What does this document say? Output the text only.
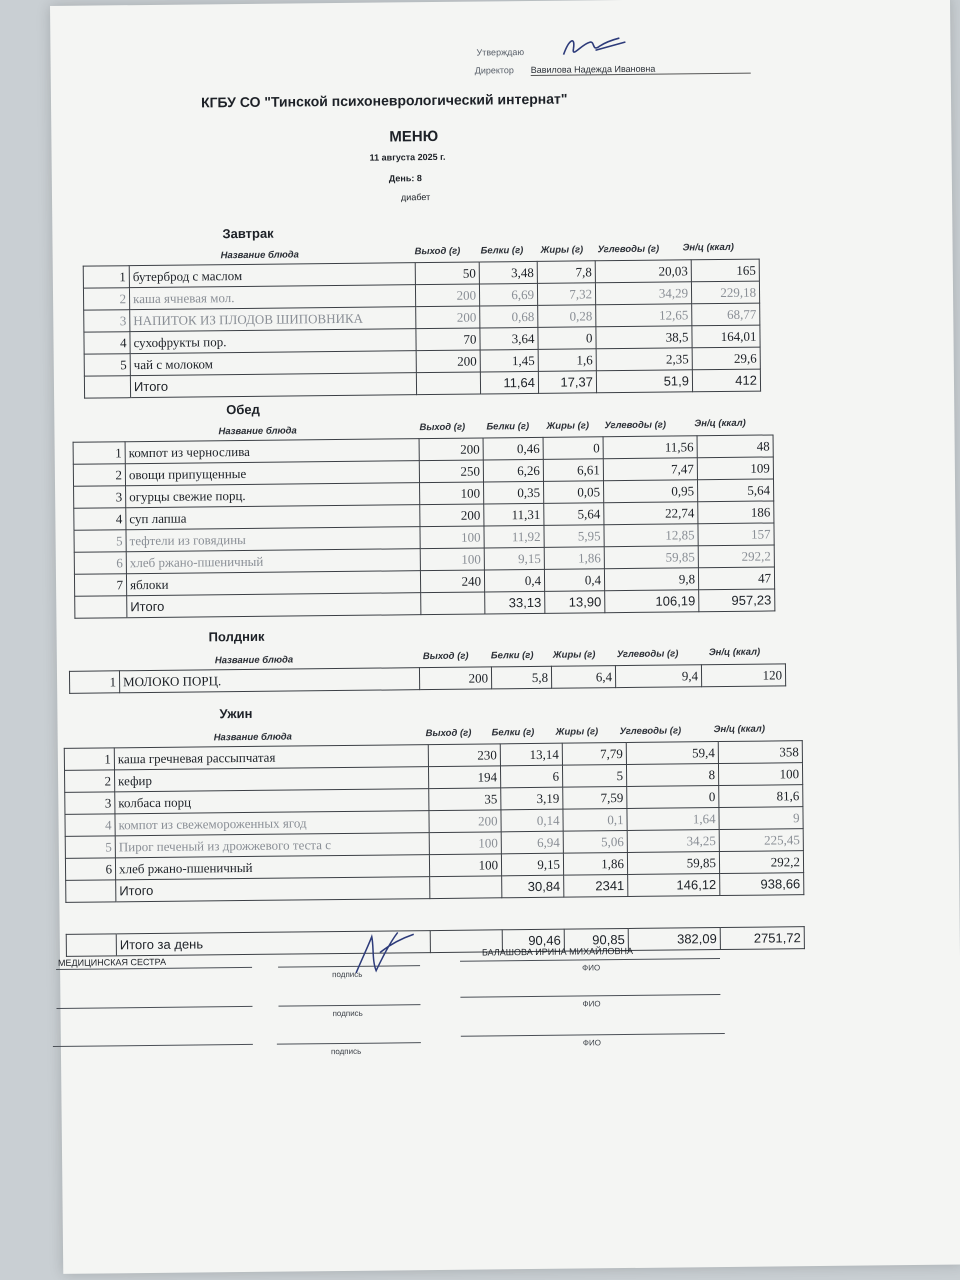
Утверждаю
Директор Вавилова Надежда Ивановна
КГБУ СО "Тинской психоневрологический интернат"
МЕНЮ
11 августа 2025 г.
День: 8
диабет
Завтрак
Название блюда	Выход (г) Белки (г) Жиры (г) Углеводы (г) Эн/ц (ккал)
1	бутерброд с маслом	50	3,48	7,8	20,03	165
2	каша ячневая мол.	200	6,69	7,32	34,29	229,18
3	НАПИТОК ИЗ ПЛОДОВ ШИПОВНИКА	200	0,68	0,28	12,65	68,77
4	сухофрукты пор.	70	3,64	0	38,5	164,01
5	чай с молоком	200	1,45	1,6	2,35	29,6
	Итого		11,64	17,37	51,9	412
Обед
Название блюда	Выход (г) Белки (г) Жиры (г) Углеводы (г)	Эн/ц (ккал)
1	компот из чернослива	200	0,46	0	11,56	48
2	овощи припущенные	250	6,26	6,61	7,47	109
3	огурцы свежие порц.	100	0,35	0,05	0,95	5,64
4	суп лапша	200	11,31	5,64	22,74	186
5	тефтели из говядины	100	11,92	5,95	12,85	157
6	хлеб ржано-пшеничный	100	9,15	1,86	59,85	292,2
7	яблоки	240	0,4	0,4	9,8	47
	Итого		33,13	13,90	106,19	957,23
Полдник
Название блюда	Выход (г) Белки (г) Жиры (г) Углеводы (г)	Эн/ц (ккал)
1	МОЛОКО ПОРЦ.	200	5,8	6,4	9,4	120
Ужин
Название блюда	Выход (г) Белки (г) Жиры (г) Углеводы (г)	Эн/ц (ккал)
1	каша гречневая рассыпчатая	230	13,14	7,79	59,4	358
2	кефир	194	6	5	8	100
3	колбаса порц	35	3,19	7,59	0	81,6
4	компот из свежемороженных ягод	200	0,14	0,1	1,64	9
5	Пирог печеный из дрожжевого теста с	100	6,94	5,06	34,25	225,45
6	хлеб ржано-пшеничный	100	9,15	1,86	59,85	292,2
	Итого		30,84	2341	146,12	938,66
	Итого за день		90,46	90,85	382,09	2751,72
МЕДИЦИНСКАЯ СЕСТРА
подпись
БАЛАШОВА ИРИНА МИХАЙЛОВНА
ФИО
подпись
ФИО
подпись
ФИО
